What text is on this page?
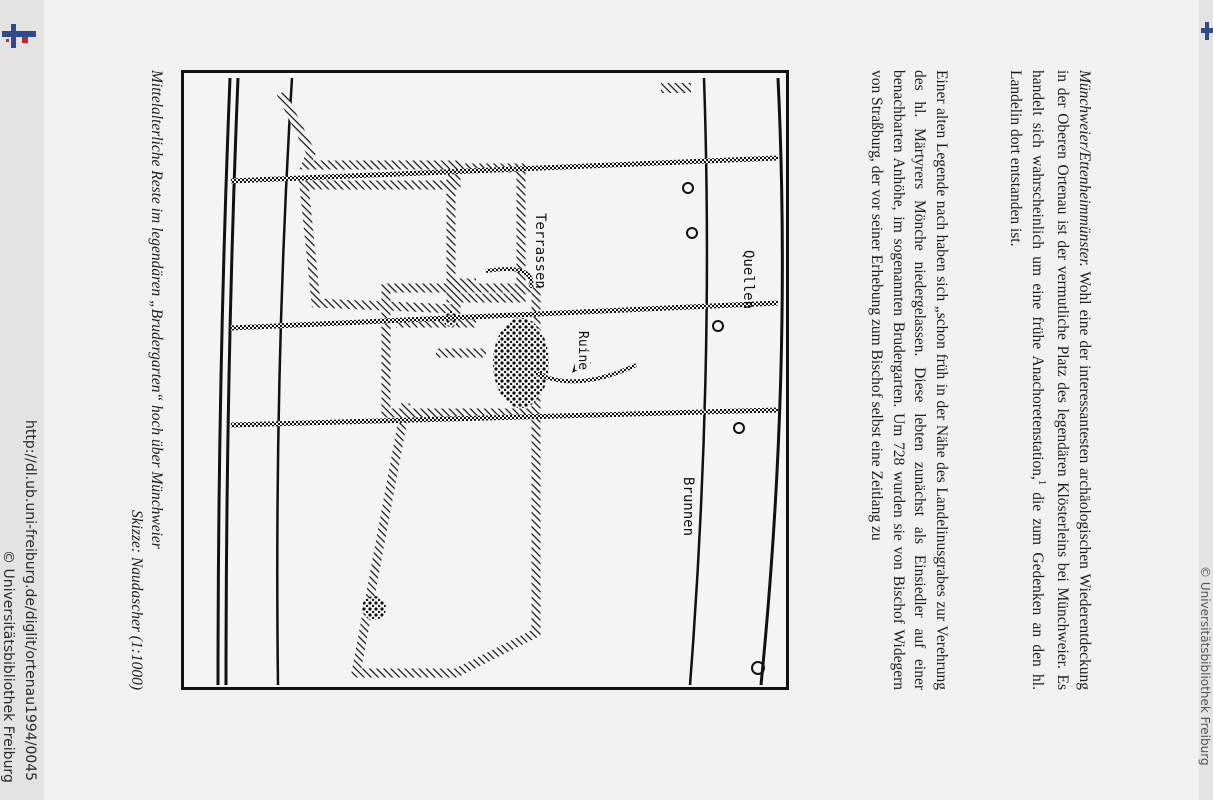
http://dl.ub.uni-freiburg.de/diglit/ortenau1994/0045
© Universitätsbibliothek Freiburg	© Universitätsbibliothek Freiburg

Münchweier/Ettenheimmünster. Wohl eine der interessantesten archäologischen Wiederentdeckung in der Oberen Ortenau ist der vermutliche Platz des legendären Klösterleins bei Münchweier. Es handelt sich wahrscheinlich um eine frühe Anachoretenstation,$^1$ die zum Gedenken an den hl. Landelin dort entstanden ist.

Einer alten Legende nach haben sich „schon früh in der Nähe des Landelinusgrabes zur Verehrung des hl. Märtyrers Mönche niedergelassen. Diese lebten zunächst als Einsiedler auf einer benachbarten Anhöhe, im sogenannten Brudergarten. Um 728 wurden sie von Bischof Widegern von Straßburg, der vor seiner Erhebung zum Bischof selbst eine Zeitlang zu

Terrassen	Quellen
Ruine
Brunnen
Mittelalterliche Reste im legendären „Brudergarten“ hoch über Münchweier
Skizze: Naudascher (1:1000)
